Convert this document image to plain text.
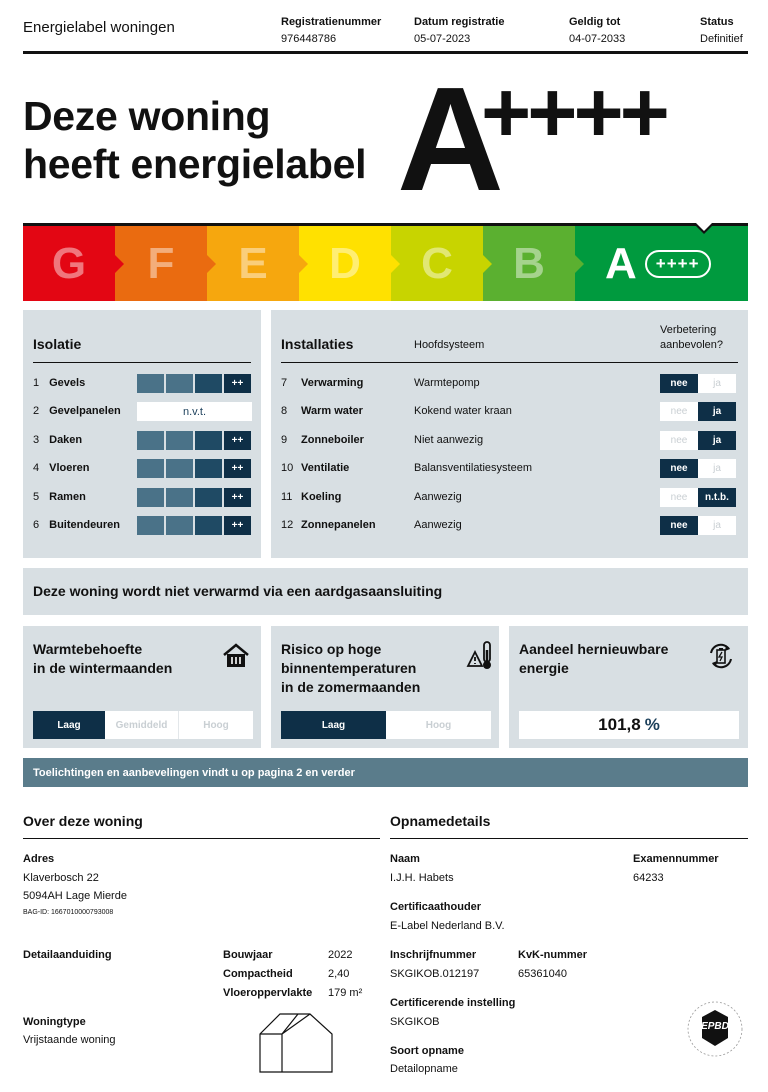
Energielabel woningen	Registratienummer
976448786
Datum registratie
05-07-2023
Geldig tot
04-07-2033
Status
Definitief
Deze woning
heeft energielabel A
++++
G F E D C B A	++++
Isolatie
1
Gevels	++
2
Gevelpanelen	n.v.t.
3
Daken	++
4
Vloeren	++
5
Ramen	++
6
Buitendeuren	++
Installaties	Hoofdsysteem
Verbetering
aanbevolen?
7	Verwarming	Warmtepomp	nee	ja
8	Warm water	Kokend water kraan	nee	ja
9	Zonneboiler	Niet aanwezig	nee	ja
10 Ventilatie	Balansventilatiesysteem	nee	ja
11 Koeling	Aanwezig	nee	n.t.b.
12 Zonnepanelen	Aanwezig	nee	ja
Deze woning wordt niet verwarmd via een aardgasaansluiting
Warmtebehoefte
in de wintermaanden
Laag	Gemiddeld	Hoog
Risico op hoge
binnentemperaturen
in de zomermaanden
Laag	Hoog
Aandeel hernieuwbare
energie
101,8 %
Toelichtingen en aanbevelingen vindt u op pagina 2 en verder
Over deze woning
Adres
Klaverbosch 22
5094AH Lage Mierde
BAG-ID: 1667010000793008
Detailaanduiding	Bouwjaar	2022
Compactheid	2,40
Vloeroppervlakte 179 m²
Woningtype
Vrijstaande woning
Opnamedetails
Naam
I.J.H. Habets
Examennummer
64233
Certificaathouder
E-Label Nederland B.V.
Inschrijfnummer
SKGIKOB.012197
KvK-nummer
65361040
Certificerende instelling
SKGIKOB
Soort opname
Detailopname
EPBD
